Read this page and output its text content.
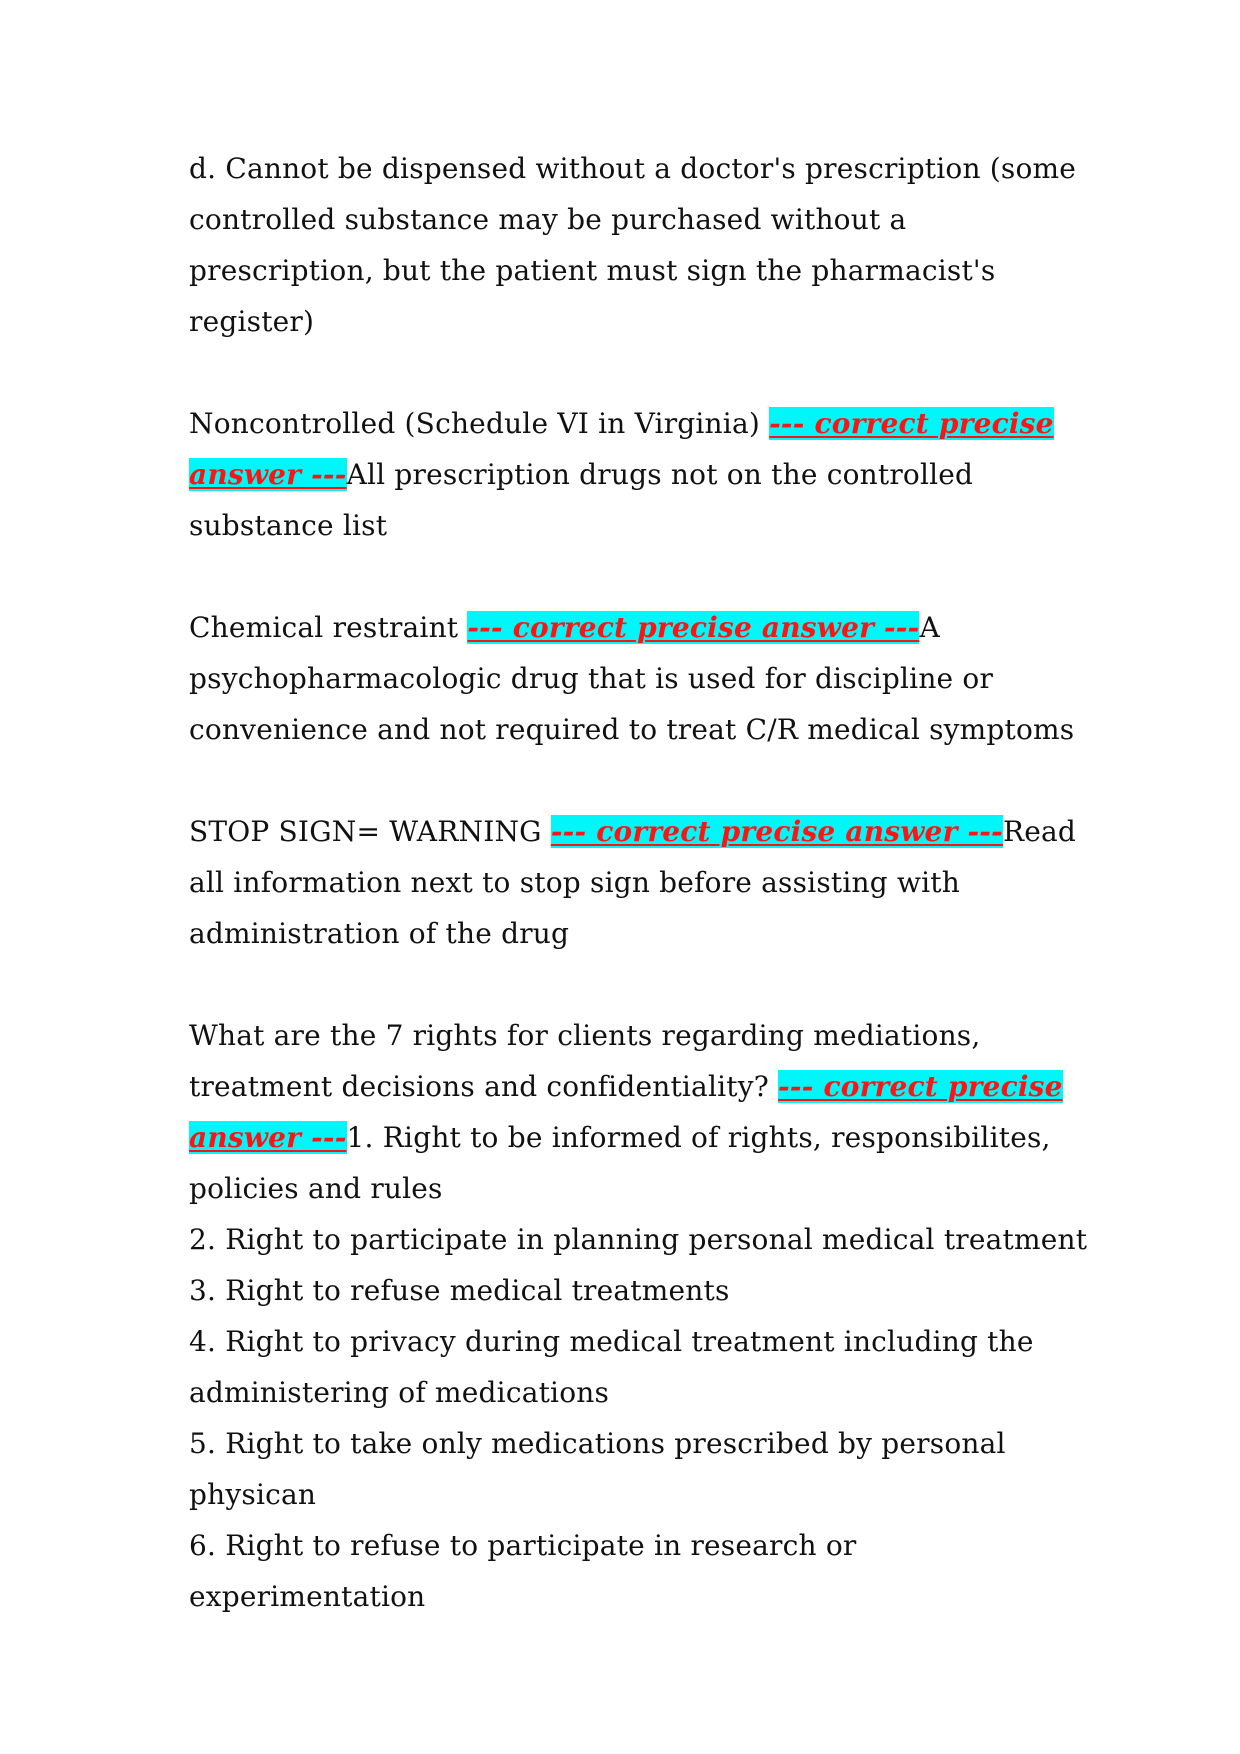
d. Cannot be dispensed without a doctor's prescription (some controlled substance may be purchased without a prescription, but the patient must sign the pharmacist's register)

Noncontrolled (Schedule VI in Virginia) --- correct precise answer ---All prescription drugs not on the controlled substance list

Chemical restraint --- correct precise answer ---A psychopharmacologic drug that is used for discipline or convenience and not required to treat C/R medical symptoms

STOP SIGN= WARNING --- correct precise answer ---Read all information next to stop sign before assisting with administration of the drug

What are the 7 rights for clients regarding mediations, treatment decisions and confidentiality? --- correct precise answer ---1. Right to be informed of rights, responsibilites, policies and rules
2. Right to participate in planning personal medical treatment
3. Right to refuse medical treatments
4. Right to privacy during medical treatment including the administering of medications
5. Right to take only medications prescribed by personal physican
6. Right to refuse to participate in research or experimentation
